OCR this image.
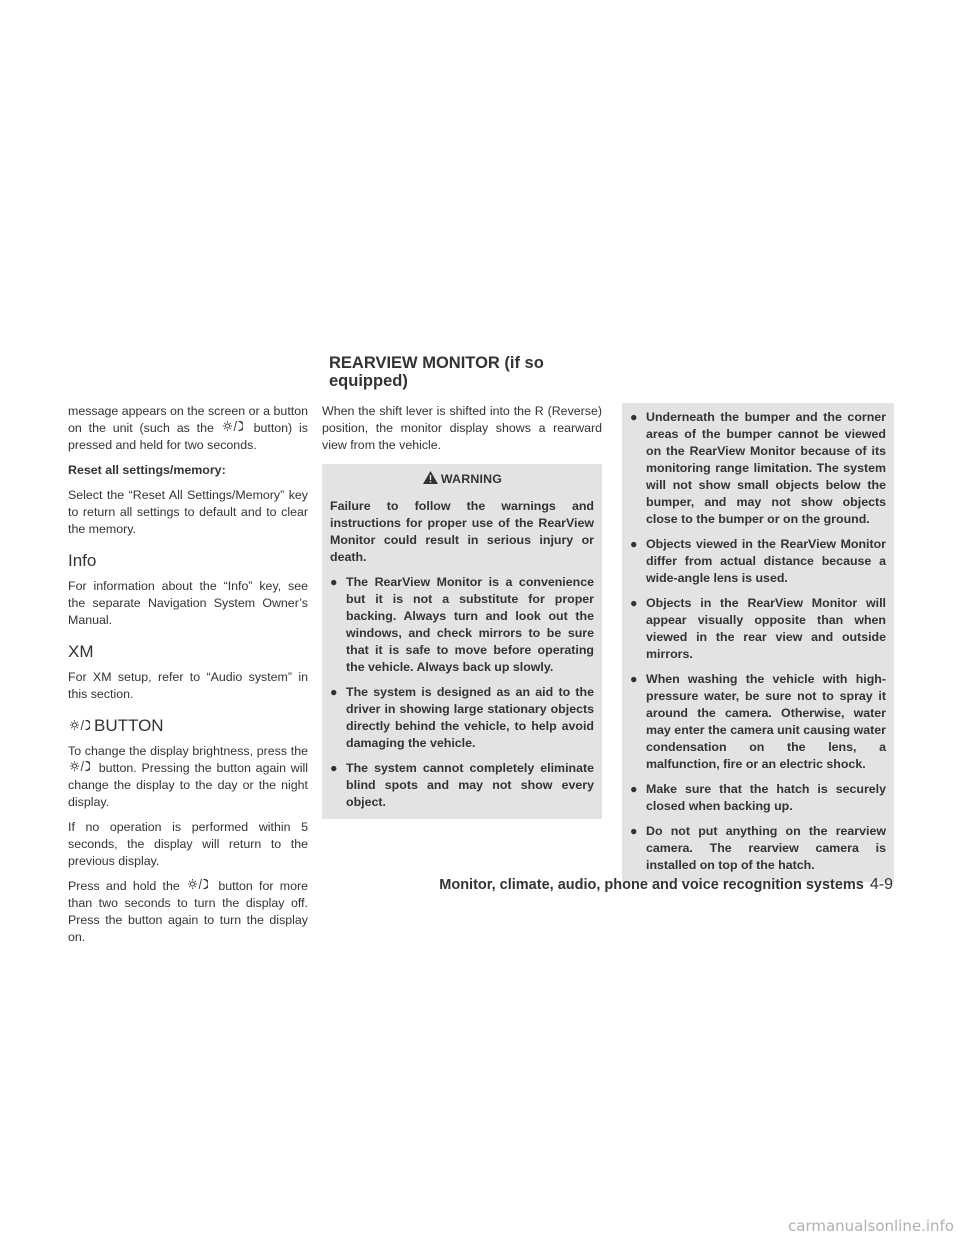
REARVIEW MONITOR (if so equipped)

message appears on the screen or a button on the unit (such as the	button) is pressed and held for two seconds.

Reset all settings/memory:

Select the “Reset All Settings/Memory” key to return all settings to default and to clear the memory.

Info

For information about the “Info” key, see the separate Navigation System Owner’s Manual.

XM

For XM setup, refer to “Audio system” in this section.

BUTTON

To change the display brightness, press the
button. Pressing the button again will change the display to the day or the night display.

If no operation is performed within 5 seconds, the display will return to the previous display.

Press and hold the	button for more than two seconds to turn the display off. Press the button again to turn the display on.

When the shift lever is shifted into the R (Reverse) position, the monitor display shows a rearward view from the vehicle.

WARNING

Failure to follow the warnings and instructions for proper use of the RearView Monitor could result in serious injury or death.

● The RearView Monitor is a convenience but it is not a substitute for proper backing. Always turn and look out the windows, and check mirrors to be sure that it is safe to move before operating the vehicle. Always back up slowly.

● The system is designed as an aid to the driver in showing large stationary objects directly behind the vehicle, to help avoid damaging the vehicle.

● The system cannot completely eliminate blind spots and may not show every object.

● Underneath the bumper and the corner areas of the bumper cannot be viewed on the RearView Monitor because of its monitoring range limitation. The system will not show small objects below the bumper, and may not show objects close to the bumper or on the ground.

● Objects viewed in the RearView Monitor differ from actual distance because a wide-angle lens is used.

● Objects in the RearView Monitor will appear visually opposite than when viewed in the rear view and outside mirrors.

● When washing the vehicle with high-pressure water, be sure not to spray it around the camera. Otherwise, water may enter the camera unit causing water condensation on the lens, a malfunction, fire or an electric shock.

● Make sure that the hatch is securely closed when backing up.

● Do not put anything on the rearview camera. The rearview camera is installed on top of the hatch.

Monitor, climate, audio, phone and voice recognition systems 4-9
carmanualsonline.info
